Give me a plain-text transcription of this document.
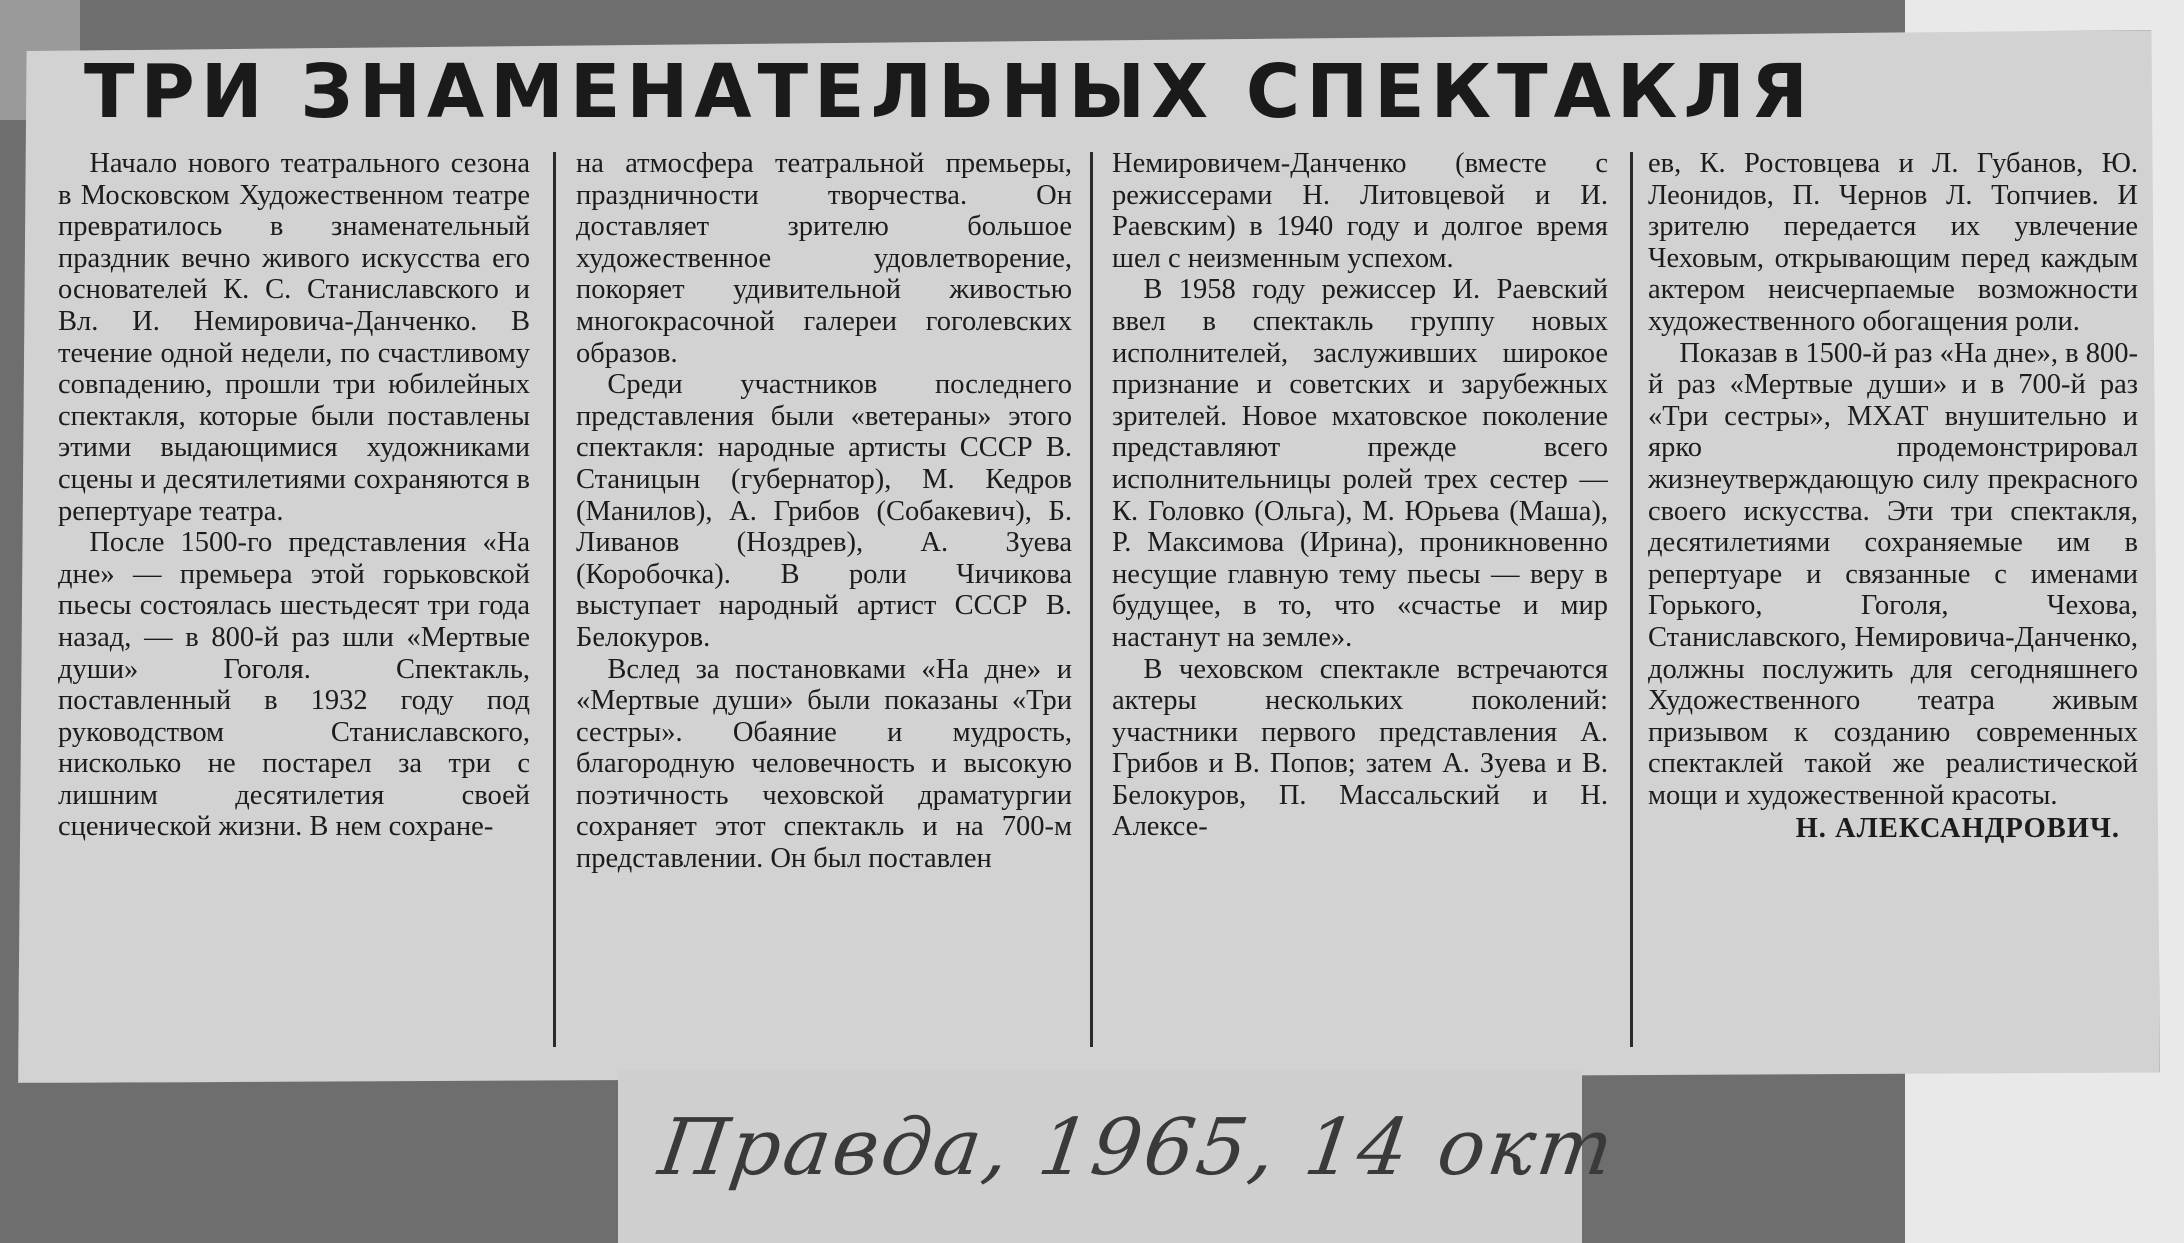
ТРИ ЗНАМЕНАТЕЛЬНЫХ СПЕКТАКЛЯ

Начало нового театрального сезона в Московском Художественном театре превратилось в знаменательный праздник вечно живого искусства его основателей К. С. Станиславского и Вл. И. Немировича-Данченко. В течение одной недели, по счастливому совпадению, прошли три юбилейных спектакля, которые были поставлены этими выдающимися художниками сцены и десятилетиями сохраняются в репертуаре театра.

После 1500-го представления «На дне» — премьера этой горьковской пьесы состоялась шестьдесят три года назад, — в 800-й раз шли «Мертвые души» Гоголя. Спектакль, поставленный в 1932 году под руководством Станиславского, нисколько не постарел за три с лишним десятилетия своей сценической жизни. В нем сохране-

на атмосфера театральной премьеры, праздничности творчества. Он доставляет зрителю большое художественное удовлетворение, покоряет удивительной живостью многокрасочной галереи гоголевских образов.

Среди участников последнего представления были «ветераны» этого спектакля: народные артисты СССР В. Станицын (губернатор), М. Кедров (Манилов), А. Грибов (Собакевич), Б. Ливанов (Ноздрев), А. Зуева (Коробочка). В роли Чичикова выступает народный артист СССР В. Белокуров.

Вслед за постановками «На дне» и «Мертвые души» были показаны «Три сестры». Обаяние и мудрость, благородную человечность и высокую поэтичность чеховской драматургии сохраняет этот спектакль и на 700-м представлении. Он был поставлен

Немировичем-Данченко (вместе с режиссерами Н. Литовцевой и И. Раевским) в 1940 году и долгое время шел с неизменным успехом.

В 1958 году режиссер И. Раевский ввел в спектакль группу новых исполнителей, заслуживших широкое признание и советских и зарубежных зрителей. Новое мхатовское поколение представляют прежде всего исполнительницы ролей трех сестер — К. Головко (Ольга), М. Юрьева (Маша), Р. Максимова (Ирина), проникновенно несущие главную тему пьесы — веру в будущее, в то, что «счастье и мир настанут на земле».

В чеховском спектакле встречаются актеры нескольких поколений: участники первого представления А. Грибов и В. Попов; затем А. Зуева и В. Белокуров, П. Массальский и Н. Алексе-

ев, К. Ростовцева и Л. Губанов, Ю. Леонидов, П. Чернов Л. Топчиев. И зрителю передается их увлечение Чеховым, открывающим перед каждым актером неисчерпаемые возможности художественного обогащения роли.

Показав в 1500-й раз «На дне», в 800-й раз «Мертвые души» и в 700-й раз «Три сестры», МХАТ внушительно и ярко продемонстрировал жизнеутверждающую силу прекрасного своего искусства. Эти три спектакля, десятилетиями сохраняемые им в репертуаре и связанные с именами Горького, Гоголя, Чехова, Станиславского, Немировича-Данченко, должны послужить для сегодняшнего Художественного театра живым призывом к созданию современных спектаклей такой же реалистической мощи и художественной красоты.

Н. АЛЕКСАНДРОВИЧ.
Правда, 1965, 14 окт
